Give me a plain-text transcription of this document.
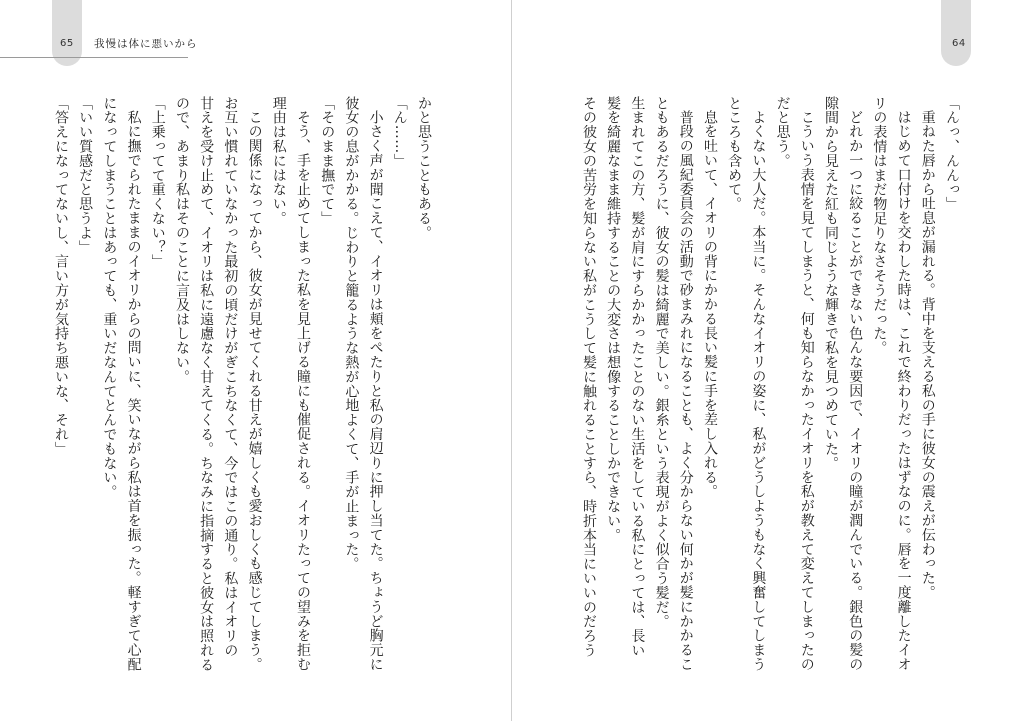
65 我慢は体に悪いから

かと思うこともある。

「ん……」

小さく声が聞こえて、イオリは頬をぺたりと私の肩辺りに押し当てた。ちょうど胸元に

彼女の息がかかる。じわりと籠るような熱が心地よくて、手が止まった。

「そのまま撫でて」

そう、手を止めてしまった私を見上げる瞳にも催促される。イオリたっての望みを拒む

理由は私にはない。

この関係になってから、彼女が見せてくれる甘えが嬉しくも愛おしくも感じてしまう。

お互い慣れていなかった最初の頃だけがぎこちなくて、今ではこの通り。私はイオリの

甘えを受け止めて、イオリは私に遠慮なく甘えてくる。ちなみに指摘すると彼女は照れる

ので、あまり私はそのことに言及はしない。

「上乗ってて重くない？」

私に撫でられたままのイオリからの問いに、笑いながら私は首を振った。軽すぎて心配

になってしまうことはあっても、重いだなんてとんでもない。

「いい質感だと思うよ」

「答えになってないし、言い方が気持ち悪いな、それ」

64

「んっ、んんっ」

重ねた唇から吐息が漏れる。背中を支える私の手に彼女の震えが伝わった。

はじめて口付けを交わした時は、これで終わりだったはずなのに。唇を一度離したイオ

リの表情はまだ物足りなさそうだった。

どれか一つに絞ることができない色んな要因で、イオリの瞳が潤んでいる。銀色の髪の

隙間から見えた紅も同じような輝きで私を見つめていた。

こういう表情を見てしまうと、何も知らなかったイオリを私が教えて変えてしまったの

だと思う。

よくない大人だ。本当に。そんなイオリの姿に、私がどうしようもなく興奮してしまう

ところも含めて。

息を吐いて、イオリの背にかかる長い髪に手を差し入れる。

普段の風紀委員会の活動で砂まみれになることも、よく分からない何かが髪にかかるこ

ともあるだろうに、彼女の髪は綺麗で美しい。銀糸という表現がよく似合う髪だ。

生まれてこの方、髪が肩にすらかかったことのない生活をしている私にとっては、長い

髪を綺麗なまま維持することの大変さは想像することしかできない。

その彼女の苦労を知らない私がこうして髪に触れることすら、時折本当にいいのだろう
